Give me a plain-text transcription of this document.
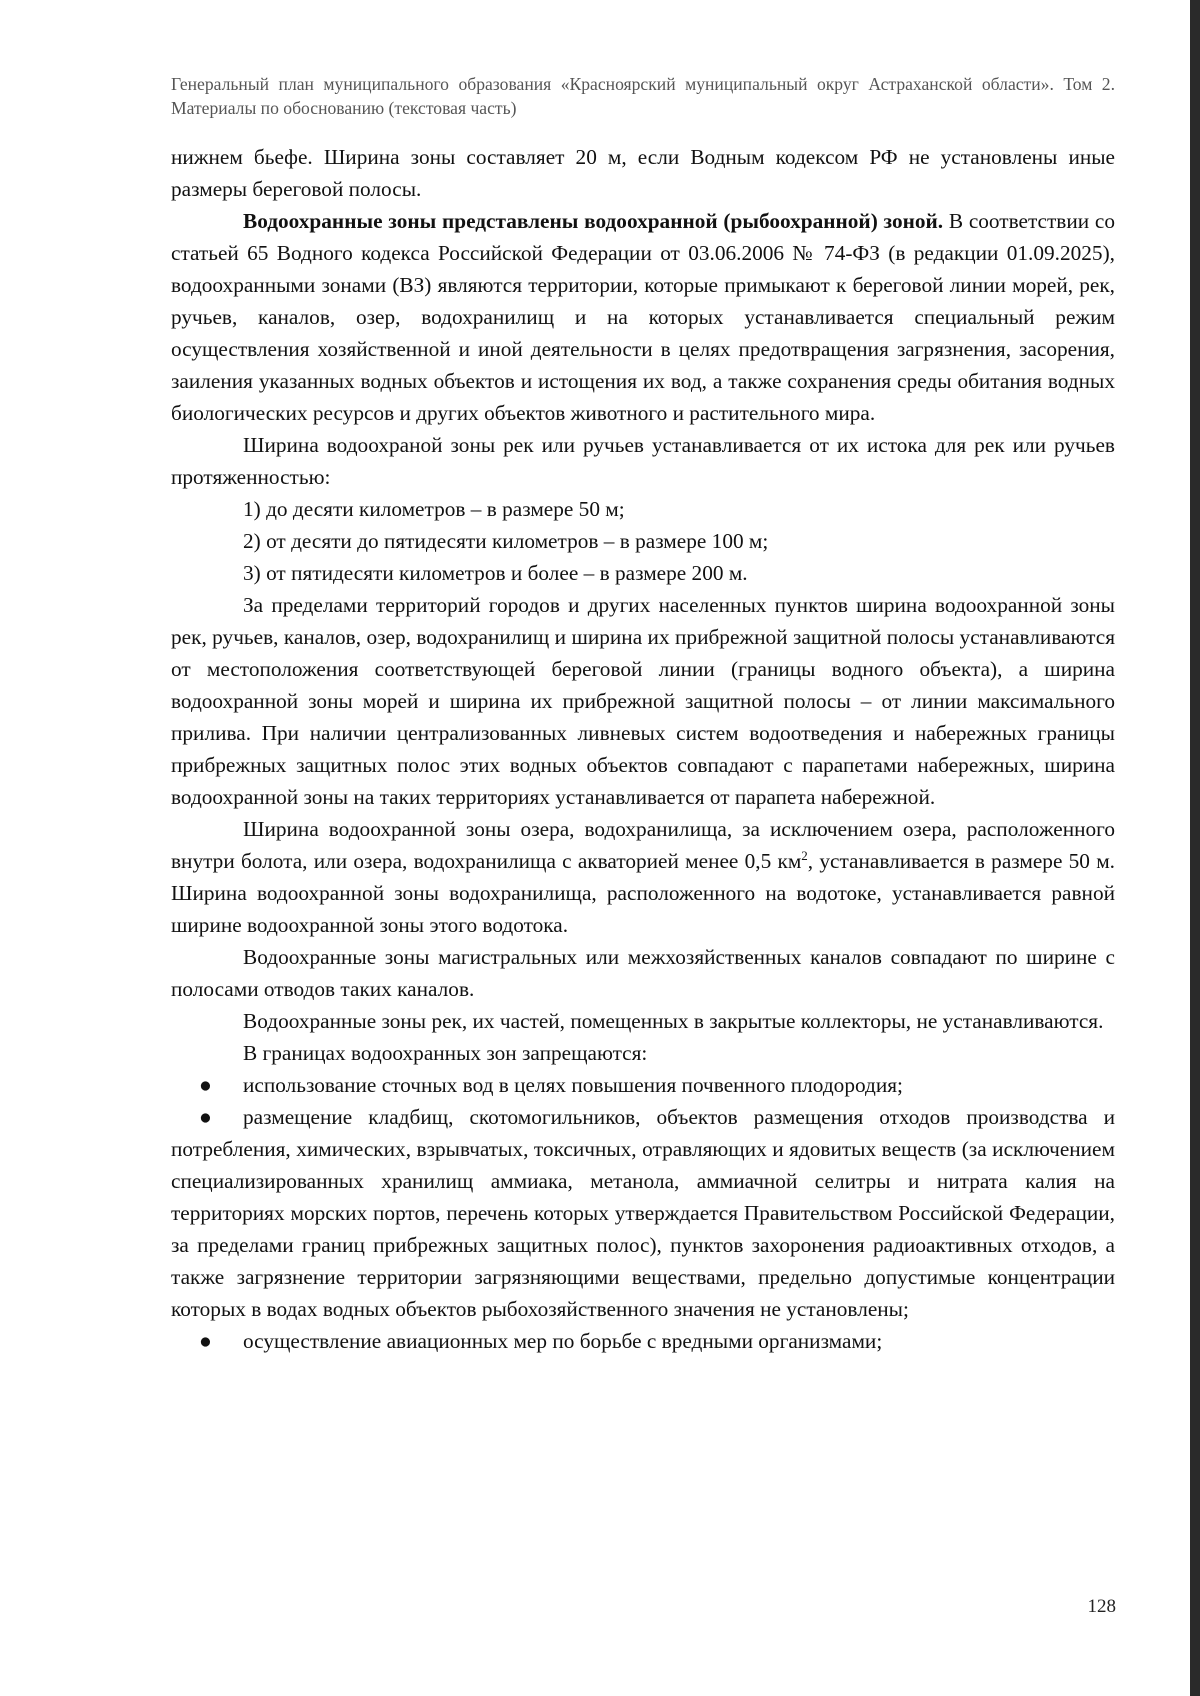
Генеральный план муниципального образования «Красноярский муниципальный округ Астраханской области». Том 2. Материалы по обоснованию (текстовая часть)

нижнем бьефе. Ширина зоны составляет 20 м, если Водным кодексом РФ не установлены иные размеры береговой полосы.

Водоохранные зоны представлены водоохранной (рыбоохранной) зоной. В соответствии со статьей 65 Водного кодекса Российской Федерации от 03.06.2006 № 74-ФЗ (в редакции 01.09.2025), водоохранными зонами (ВЗ) являются территории, которые примыкают к береговой линии морей, рек, ручьев, каналов, озер, водохранилищ и на которых устанавливается специальный режим осуществления хозяйственной и иной деятельности в целях предотвращения загрязнения, засорения, заиления указанных водных объектов и истощения их вод, а также сохранения среды обитания водных биологических ресурсов и других объектов животного и растительного мира.

Ширина водоохраной зоны рек или ручьев устанавливается от их истока для рек или ручьев протяженностью:

1) до десяти километров – в размере 50 м;

2) от десяти до пятидесяти километров – в размере 100 м;

3) от пятидесяти километров и более – в размере 200 м.

За пределами территорий городов и других населенных пунктов ширина водоохранной зоны рек, ручьев, каналов, озер, водохранилищ и ширина их прибрежной защитной полосы устанавливаются от местоположения соответствующей береговой линии (границы водного объекта), а ширина водоохранной зоны морей и ширина их прибрежной защитной полосы – от линии максимального прилива. При наличии централизованных ливневых систем водоотведения и набережных границы прибрежных защитных полос этих водных объектов совпадают с парапетами набережных, ширина водоохранной зоны на таких территориях устанавливается от парапета набережной.

Ширина водоохранной зоны озера, водохранилища, за исключением озера, расположенного внутри болота, или озера, водохранилища с акваторией менее 0,5 $км^2$, устанавливается в размере 50 м. Ширина водоохранной зоны водохранилища, расположенного на водотоке, устанавливается равной ширине водоохранной зоны этого водотока.

Водоохранные зоны магистральных или межхозяйственных каналов совпадают по ширине с полосами отводов таких каналов.

Водоохранные зоны рек, их частей, помещенных в закрытые коллекторы, не устанавливаются.

В границах водоохранных зон запрещаются:

● использование сточных вод в целях повышения почвенного плодородия;

● размещение кладбищ, скотомогильников, объектов размещения отходов производства и потребления, химических, взрывчатых, токсичных, отравляющих и ядовитых веществ (за исключением специализированных хранилищ аммиака, метанола, аммиачной селитры и нитрата калия на территориях морских портов, перечень которых утверждается Правительством Российской Федерации, за пределами границ прибрежных защитных полос), пунктов захоронения радиоактивных отходов, а также загрязнение территории загрязняющими веществами, предельно допустимые концентрации которых в водах водных объектов рыбохозяйственного значения не установлены;

● осуществление авиационных мер по борьбе с вредными организмами;

128
